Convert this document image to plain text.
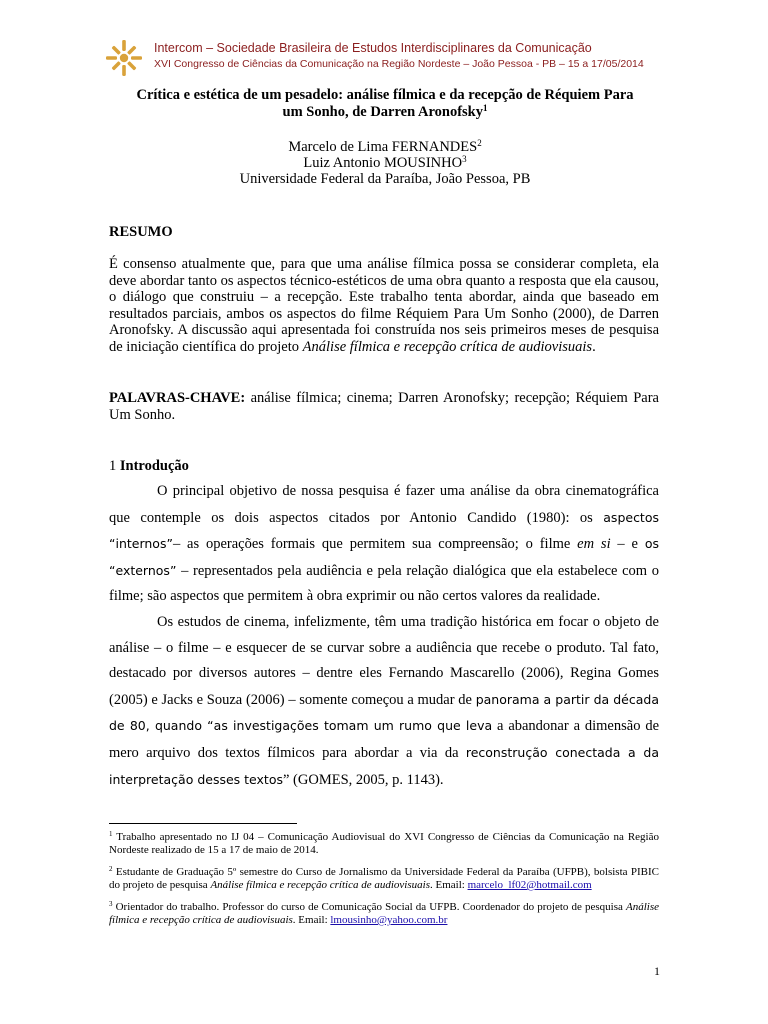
Intercom – Sociedade Brasileira de Estudos Interdisciplinares da Comunicação
XVI Congresso de Ciências da Comunicação na Região Nordeste – João Pessoa - PB – 15 a 17/05/2014
Crítica e estética de um pesadelo: análise fílmica e da recepção de Réquiem Para
um Sonho, de Darren Aronofsky$^1$
Marcelo de Lima FERNANDES$^2$
Luiz Antonio MOUSINHO$^3$
Universidade Federal da Paraíba, João Pessoa, PB
RESUMO
É consenso atualmente que, para que uma análise fílmica possa se considerar completa, ela deve abordar tanto os aspectos técnico-estéticos de uma obra quanto a resposta que ela causou, o diálogo que construiu – a recepção. Este trabalho tenta abordar, ainda que baseado em resultados parciais, ambos os aspectos do filme Réquiem Para Um Sonho (2000), de Darren Aronofsky. A discussão aqui apresentada foi construída nos seis primeiros meses de pesquisa de iniciação científica do projeto Análise fílmica e recepção crítica de audiovisuais.
PALAVRAS-CHAVE: análise fílmica; cinema; Darren Aronofsky; recepção; Réquiem Para Um Sonho.
1 Introdução

O principal objetivo de nossa pesquisa é fazer uma análise da obra cinematográfica que contemple os dois aspectos citados por Antonio Candido (1980): os aspectos “internos”– as operações formais que permitem sua compreensão; o filme em si – e os “externos” – representados pela audiência e pela relação dialógica que ela estabelece com o filme; são aspectos que permitem à obra exprimir ou não certos valores da realidade.

Os estudos de cinema, infelizmente, têm uma tradição histórica em focar o objeto de análise – o filme – e esquecer de se curvar sobre a audiência que recebe o produto. Tal fato, destacado por diversos autores – dentre eles Fernando Mascarello (2006), Regina Gomes (2005) e Jacks e Souza (2006) – somente começou a mudar de panorama a partir da década de 80, quando “as investigações tomam um rumo que leva a abandonar a dimensão de mero arquivo dos textos fílmicos para abordar a via da reconstrução conectada a da interpretação desses textos” (GOMES, 2005, p. 1143).

$^1$ Trabalho apresentado no IJ 04 – Comunicação Audiovisual do XVI Congresso de Ciências da Comunicação na Região Nordeste realizado de 15 a 17 de maio de 2014.

$^2$ Estudante de Graduação 5º semestre do Curso de Jornalismo da Universidade Federal da Paraíba (UFPB), bolsista PIBIC do projeto de pesquisa Análise fílmica e recepção crítica de audiovisuais. Email: marcelo_lf02@hotmail.com

$^3$ Orientador do trabalho. Professor do curso de Comunicação Social da UFPB. Coordenador do projeto de pesquisa Análise fílmica e recepção crítica de audiovisuais. Email: lmousinho@yahoo.com.br

1
